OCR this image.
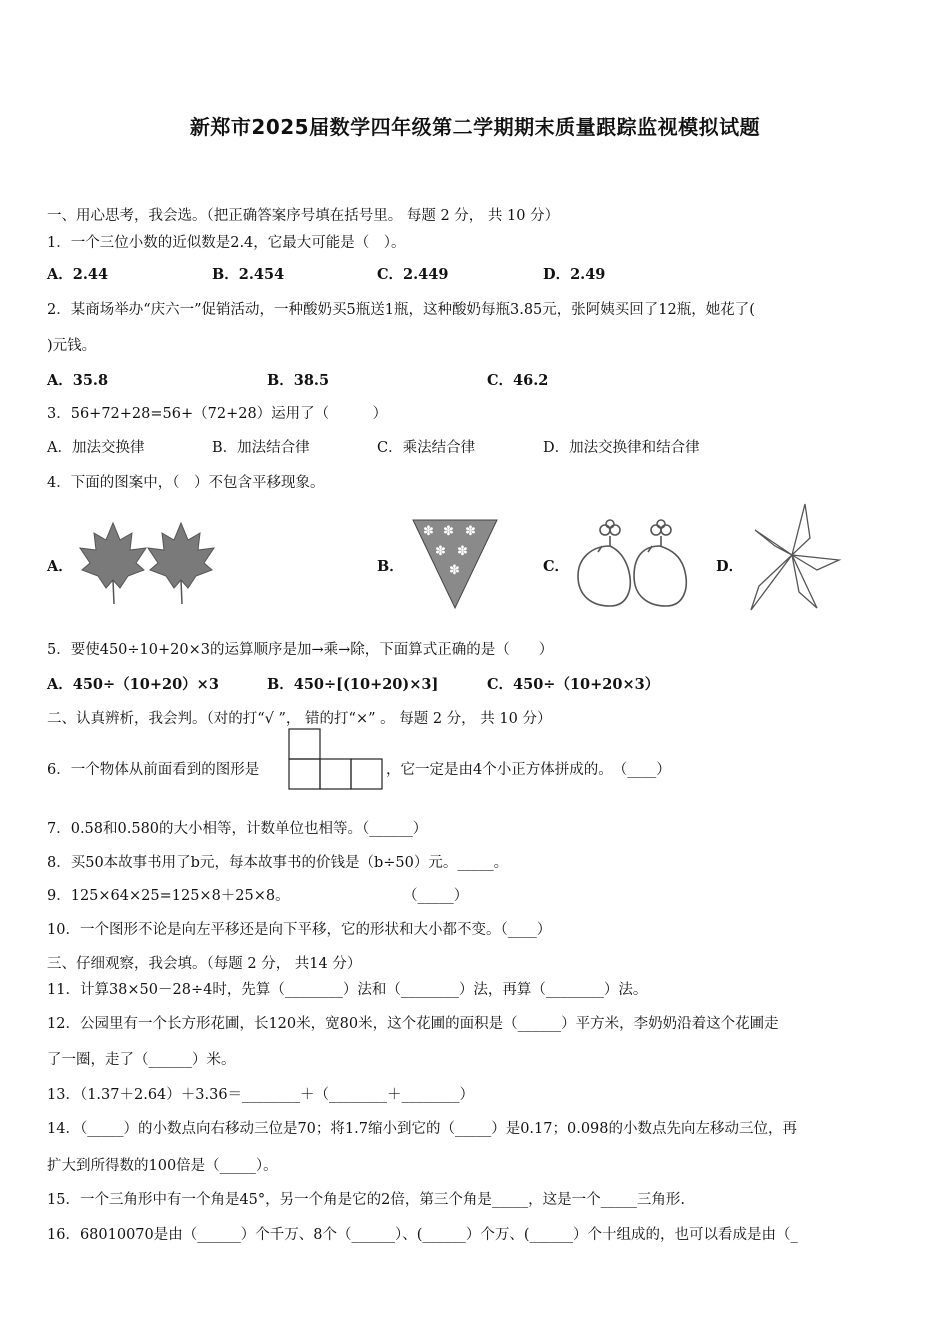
新郑市2025届数学四年级第二学期期末质量跟踪监视模拟试题
一、用心思考，我会选。（把正确答案序号填在括号里。 每题 2 分， 共 10 分）
1．一个三位小数的近似数是2.4，它最大可能是（　）。
A．2.44	B．2.454	C．2.449	D．2.49
2．某商场举办“庆六一”促销活动，一种酸奶买5瓶送1瓶，这种酸奶每瓶3.85元，张阿姨买回了12瓶，她花了(
)元钱。
A．35.8	B．38.5	C．46.2
3．56+72+28=56+（72+28）运用了（　　　）
A．加法交换律	B．加法结合律	C．乘法结合律	D．加法交换律和结合律
4．下面的图案中，（　）不包含平移现象。
A．	B．
✽ ✽ ✽
✽ ✽
✽	C．	D．
5．要使450÷10+20×3的运算顺序是加→乘→除，下面算式正确的是（　　）
A．450÷（10+20）×3	B．450÷[(10+20)×3]	C．450÷（10+20×3）
二、认真辨析，我会判。（对的打“√ ”， 错的打“×” 。 每题 2 分， 共 10 分）
6．一个物体从前面看到的图形是	，它一定是由4个小正方体拼成的。　（____）
7．0.58和0.580的大小相等，计数单位也相等。（______）
8．买50本故事书用了b元，每本故事书的价钱是（b÷50）元。_____。
9．125×64×25=125×8＋25×8。	（_____）
10．一个图形不论是向左平移还是向下平移，它的形状和大小都不变。（____）
三、仔细观察，我会填。（每题 2 分， 共14 分）
11．计算38×50－28÷4时，先算（________）法和（________）法，再算（________）法。
12．公园里有一个长方形花圃，长120米，宽80米，这个花圃的面积是（______）平方米，李奶奶沿着这个花圃走
了一圈，走了（______）米。
13．（1.37＋2.64）＋3.36＝________＋（________＋________）
14．（_____）的小数点向右移动三位是70；将1.7缩小到它的（_____）是0.17；0.098的小数点先向左移动三位，再
扩大到所得数的100倍是（_____）。
15．一个三角形中有一个角是45°，另一个角是它的2倍，第三个角是_____，这是一个_____三角形.
16．68010070是由（______）个千万、8个（______）、(______）个万、(______）个十组成的，也可以看成是由（_
